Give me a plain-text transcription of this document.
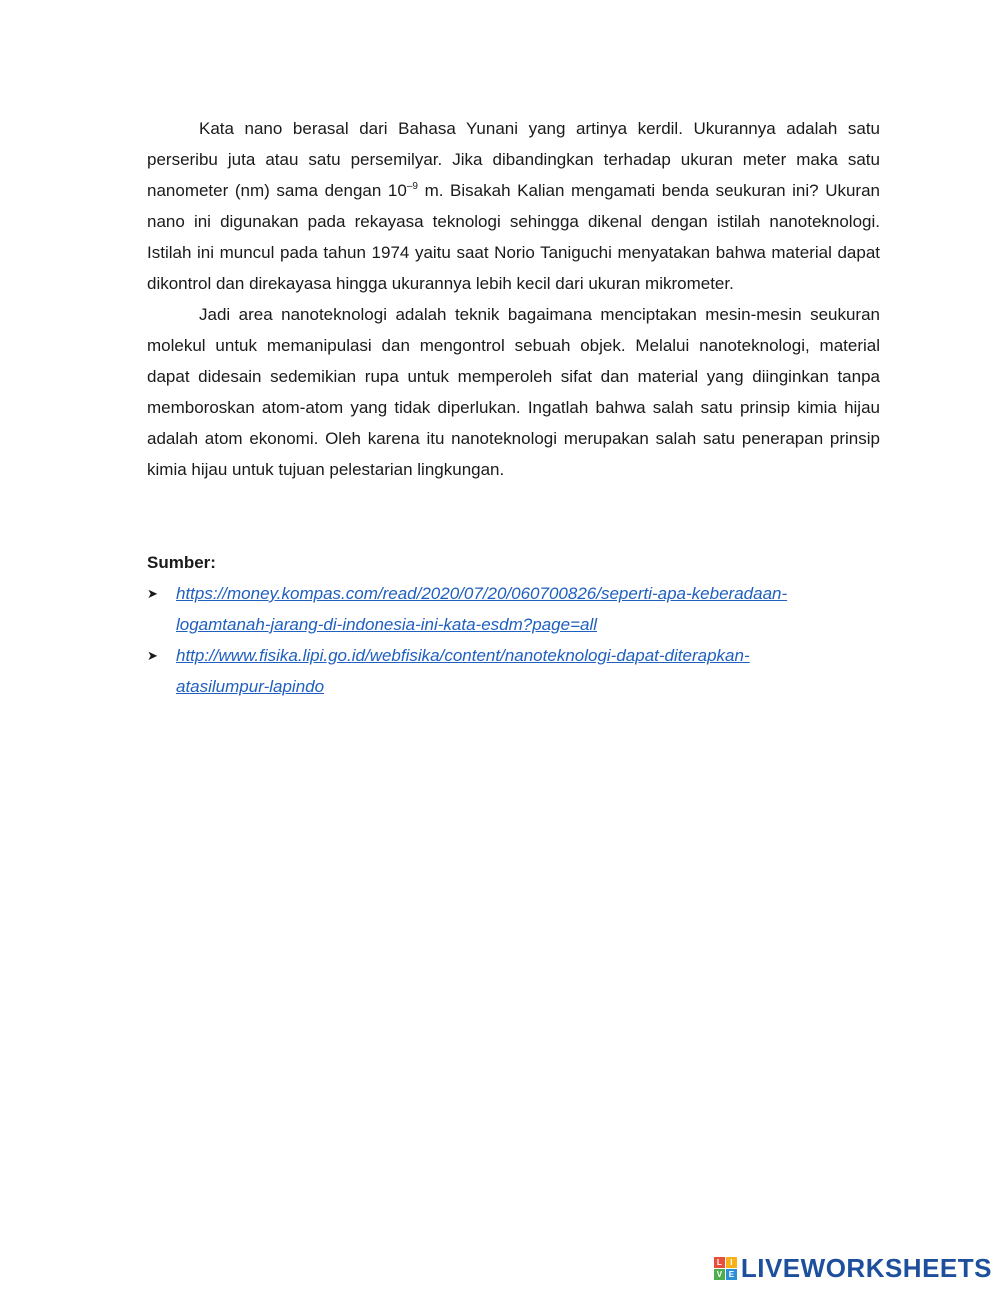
Kata nano berasal dari Bahasa Yunani yang artinya kerdil. Ukurannya adalah satu perseribu juta atau satu persemilyar. Jika dibandingkan terhadap ukuran meter maka satu nanometer (nm) sama dengan $10^{-9}$ m. Bisakah Kalian mengamati benda seukuran ini? Ukuran nano ini digunakan pada rekayasa teknologi sehingga dikenal dengan istilah nanoteknologi. Istilah ini muncul pada tahun 1974 yaitu saat Norio Taniguchi menyatakan bahwa material dapat dikontrol dan direkayasa hingga ukurannya lebih kecil dari ukuran mikrometer.

Jadi area nanoteknologi adalah teknik bagaimana menciptakan mesin-mesin seukuran molekul untuk memanipulasi dan mengontrol sebuah objek. Melalui nanoteknologi, material dapat didesain sedemikian rupa untuk memperoleh sifat dan material yang diinginkan tanpa memboroskan atom-atom yang tidak diperlukan. Ingatlah bahwa salah satu prinsip kimia hijau adalah atom ekonomi. Oleh karena itu nanoteknologi merupakan salah satu penerapan prinsip kimia hijau untuk tujuan pelestarian lingkungan.

Sumber:

➤ https://money.kompas.com/read/2020/07/20/060700826/seperti-apa-keberadaan-
logamtanah-jarang-di-indonesia-ini-kata-esdm?page=all
➤ http://www.fisika.lipi.go.id/webfisika/content/nanoteknologi-dapat-diterapkan-
atasilumpur-lapindo
L	I
V E LIVEWORKSHEETS
